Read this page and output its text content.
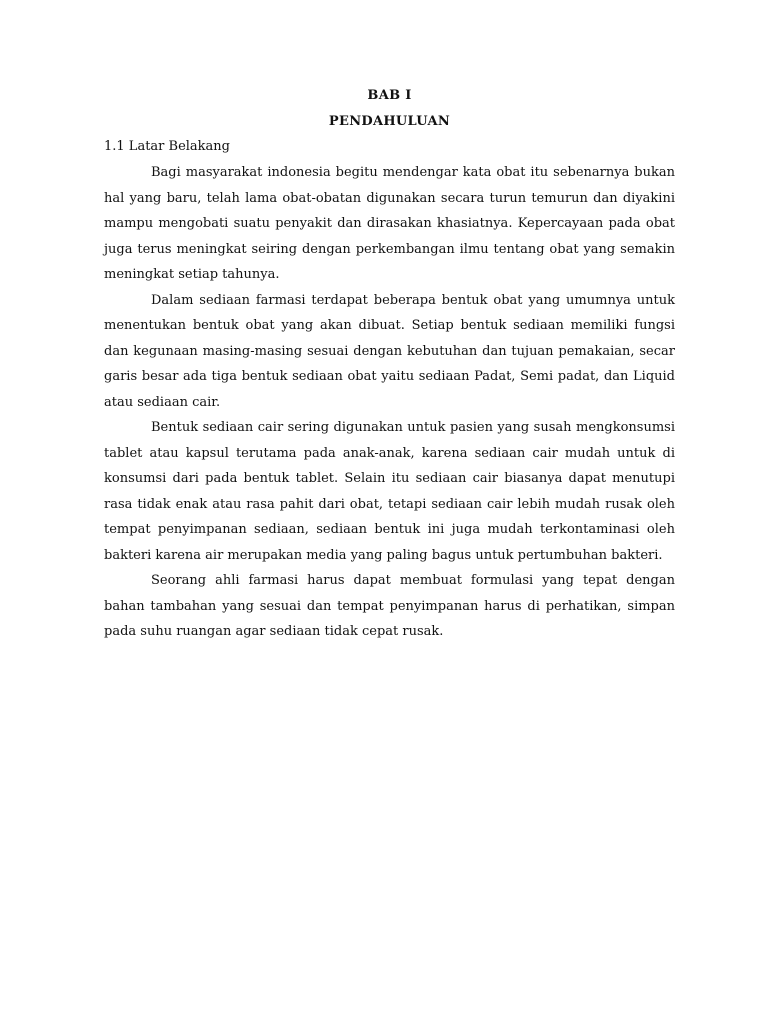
BAB I

PENDAHULUAN

1.1 Latar Belakang

Bagi masyarakat indonesia begitu mendengar kata obat itu sebenarnya bukan hal yang baru, telah lama obat-obatan digunakan secara turun temurun dan diyakini mampu mengobati suatu penyakit dan dirasakan khasiatnya. Kepercayaan pada obat juga terus meningkat seiring dengan perkembangan ilmu tentang obat yang semakin meningkat setiap tahunya.

Dalam sediaan farmasi terdapat beberapa bentuk obat yang umumnya untuk menentukan bentuk obat yang akan dibuat. Setiap bentuk sediaan memiliki fungsi dan kegunaan masing-masing sesuai dengan kebutuhan dan tujuan pemakaian, secar garis besar ada tiga bentuk sediaan obat yaitu sediaan Padat, Semi padat, dan Liquid atau sediaan cair.

Bentuk sediaan cair sering digunakan untuk pasien yang susah mengkonsumsi tablet atau kapsul terutama pada anak-anak, karena sediaan cair mudah untuk di konsumsi dari pada bentuk tablet. Selain itu sediaan cair biasanya dapat menutupi rasa tidak enak atau rasa pahit dari obat, tetapi sediaan cair lebih mudah rusak oleh tempat penyimpanan sediaan, sediaan bentuk ini juga mudah terkontaminasi oleh bakteri karena air merupakan media yang paling bagus untuk pertumbuhan bakteri.

Seorang ahli farmasi harus dapat membuat formulasi yang tepat dengan bahan tambahan yang sesuai dan tempat penyimpanan harus di perhatikan, simpan pada suhu ruangan agar sediaan tidak cepat rusak.
